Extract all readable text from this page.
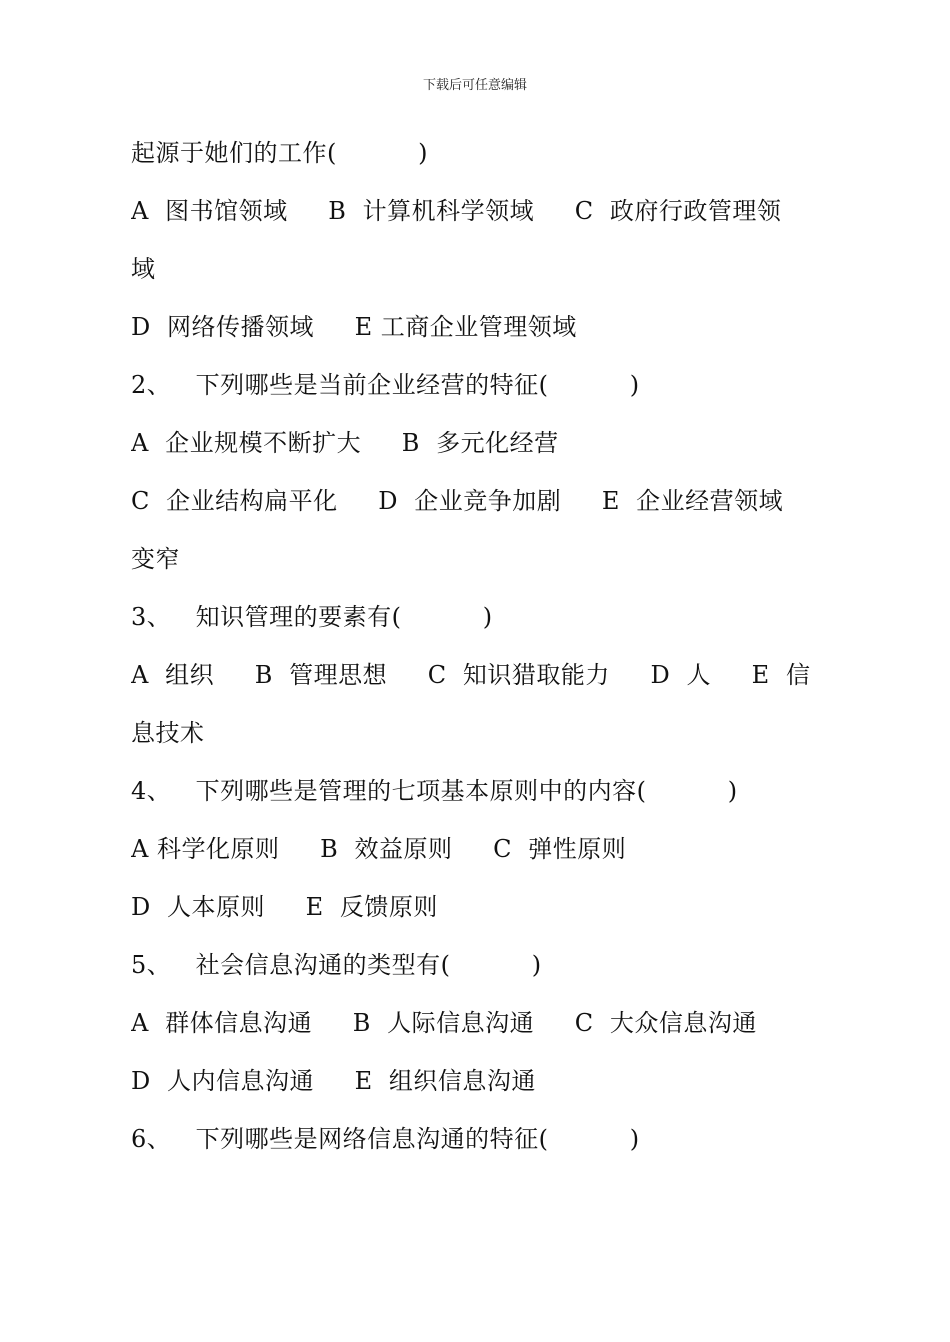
下载后可任意编辑
起源于她们的工作(          )
A  图书馆领域     B  计算机科学领域     C  政府行政管理领
域
D  网络传播领域     E 工商企业管理领域
2、   下列哪些是当前企业经营的特征(          )
A  企业规模不断扩大     B  多元化经营
C  企业结构扁平化     D  企业竞争加剧     E  企业经营领域
变窄
3、   知识管理的要素有(          )
A  组织     B  管理思想     C  知识猎取能力     D  人     E  信
息技术
4、   下列哪些是管理的七项基本原则中的内容(          )
A 科学化原则     B  效益原则     C  弹性原则
D  人本原则     E  反馈原则
5、   社会信息沟通的类型有(          )
A  群体信息沟通     B  人际信息沟通     C  大众信息沟通
D  人内信息沟通     E  组织信息沟通
6、   下列哪些是网络信息沟通的特征(          )
